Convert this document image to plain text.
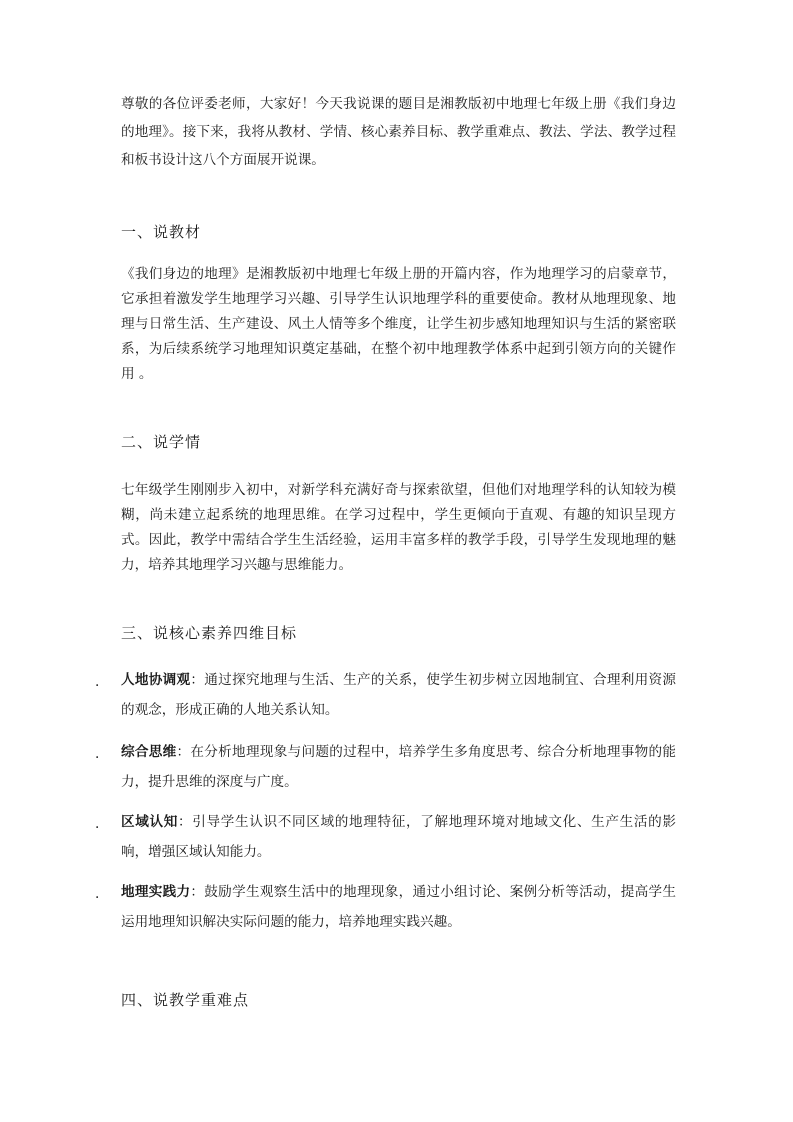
尊敬的各位评委老师，大家好！今天我说课的题目是湘教版初中地理七年级上册《我们身边的地理》。接下来，我将从教材、学情、核心素养目标、教学重难点、教法、学法、教学过程和板书设计这八个方面展开说课。
一、说教材
《我们身边的地理》是湘教版初中地理七年级上册的开篇内容，作为地理学习的启蒙章节，它承担着激发学生地理学习兴趣、引导学生认识地理学科的重要使命。教材从地理现象、地理与日常生活、生产建设、风土人情等多个维度，让学生初步感知地理知识与生活的紧密联系，为后续系统学习地理知识奠定基础，在整个初中地理教学体系中起到引领方向的关键作用 。
二、说学情
七年级学生刚刚步入初中，对新学科充满好奇与探索欲望，但他们对地理学科的认知较为模糊，尚未建立起系统的地理思维。在学习过程中，学生更倾向于直观、有趣的知识呈现方式。因此，教学中需结合学生生活经验，运用丰富多样的教学手段，引导学生发现地理的魅力，培养其地理学习兴趣与思维能力。
三、说核心素养四维目标
. 人地协调观：通过探究地理与生活、生产的关系，使学生初步树立因地制宜、合理利用资源的观念，形成正确的人地关系认知。
. 综合思维：在分析地理现象与问题的过程中，培养学生多角度思考、综合分析地理事物的能力，提升思维的深度与广度。
. 区域认知：引导学生认识不同区域的地理特征，了解地理环境对地域文化、生产生活的影响，增强区域认知能力。
. 地理实践力：鼓励学生观察生活中的地理现象，通过小组讨论、案例分析等活动，提高学生运用地理知识解决实际问题的能力，培养地理实践兴趣。
四、说教学重难点
